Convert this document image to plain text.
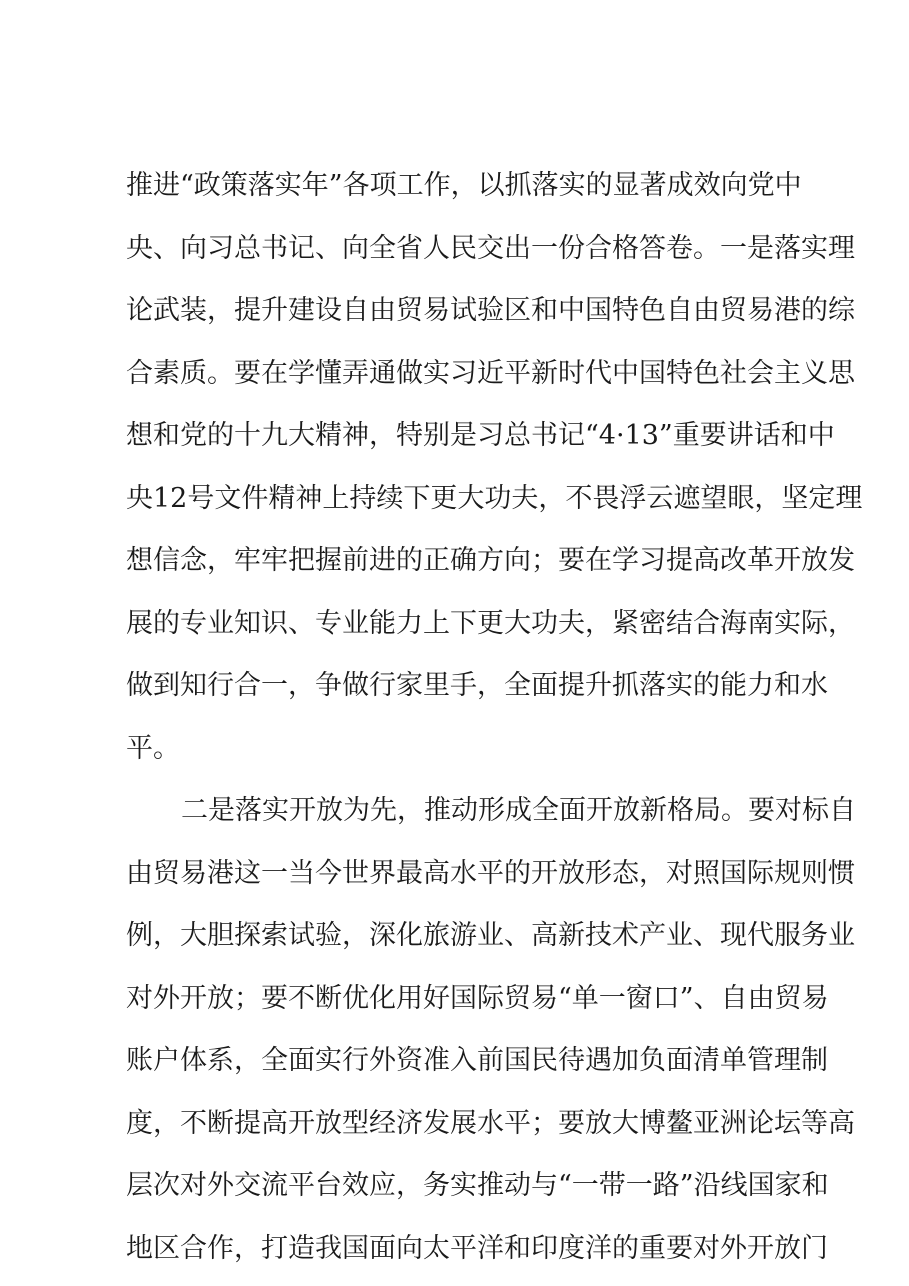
推进“政策落实年”各项工作，以抓落实的显著成效向党中
央、向习总书记、向全省人民交出一份合格答卷。一是落实理
论武装，提升建设自由贸易试验区和中国特色自由贸易港的综
合素质。要在学懂弄通做实习近平新时代中国特色社会主义思
想和党的十九大精神，特别是习总书记“4·13”重要讲话和中
央12号文件精神上持续下更大功夫，不畏浮云遮望眼，坚定理
想信念，牢牢把握前进的正确方向；要在学习提高改革开放发
展的专业知识、专业能力上下更大功夫，紧密结合海南实际，
做到知行合一，争做行家里手，全面提升抓落实的能力和水
平。
二是落实开放为先，推动形成全面开放新格局。要对标自
由贸易港这一当今世界最高水平的开放形态，对照国际规则惯
例，大胆探索试验，深化旅游业、高新技术产业、现代服务业
对外开放；要不断优化用好国际贸易“单一窗口”、自由贸易
账户体系，全面实行外资准入前国民待遇加负面清单管理制
度，不断提高开放型经济发展水平；要放大博鳌亚洲论坛等高
层次对外交流平台效应，务实推动与“一带一路”沿线国家和
地区合作，打造我国面向太平洋和印度洋的重要对外开放门
